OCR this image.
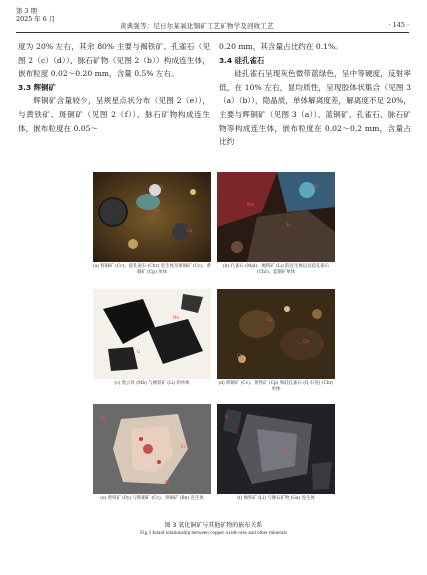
第 3 期
2025 年 6 月
黄典强等：尼日尔某氧化铜矿工艺矿物学及回收工艺	· 145 ·

度为 20% 左右，其余 80% 主要与褐铁矿、孔雀石（见图 2（c）（d））、脉石矿物（见图 2（b））构成连生体，嵌布粒度 0.02～0.20 mm，含量 0.5% 左右。

3.3 辉铜矿

辉铜矿含量较少，呈规星点状分布（见图 2（e）），与黄铁矿、斑铜矿（见图 2（f））、脉石矿物构成连生体，嵌布粒度在 0.05～

0.20 mm，其含量占比约在 0.1%。

3.4 硅孔雀石

硅孔雀石呈现灰色微带蓝绿色，呈中等硬度，反射率低，在 10% 左右，显均质性，呈现胶体状集合（见图 3（a）（b）），隐晶质，单体解离度差，解离度不足 20%，主要与辉铜矿（见图 3（a））、蓝铜矿、孔雀石、脉石矿物等构成连生体，嵌布粒度在 0.02～0.2 mm，含量占比约

Chr
Cc
Cp
(a) 辉铜矿 (Cc)、硅孔雀石 (Chr) 连生体及斑铜矿 (Cc)、黄铜矿 (Cp) 单体
Mal
Li
Chr
(b) 孔雀石 (Mal)、褐铁矿 (Li) 的连生体以及硅孔雀石 (Chr)、蓝铜矿单体
Mb
Li
(c) 黑云母 (Mb) 与褐铁矿 (Li) 的单体
Cc
Cp
Chr
(d) 辉铜矿 (Cc)、黄铁矿 (Cp) 和硅孔雀石 (Q 石英) (Chr) 单体
Py
Cc
Bn
(e) 黄铁矿 (Py) 与辉铜矿 (Cc)、斑铜矿 (Bn) 连生体
Li
Ga
(f) 褐铁矿 (Li) 与脉石矿物 (Ga) 连生体
图 3 氧化铜矿与其他矿物的嵌布关系
Fig.3 Inlaid relationship between copper oxide ores and other minerals
